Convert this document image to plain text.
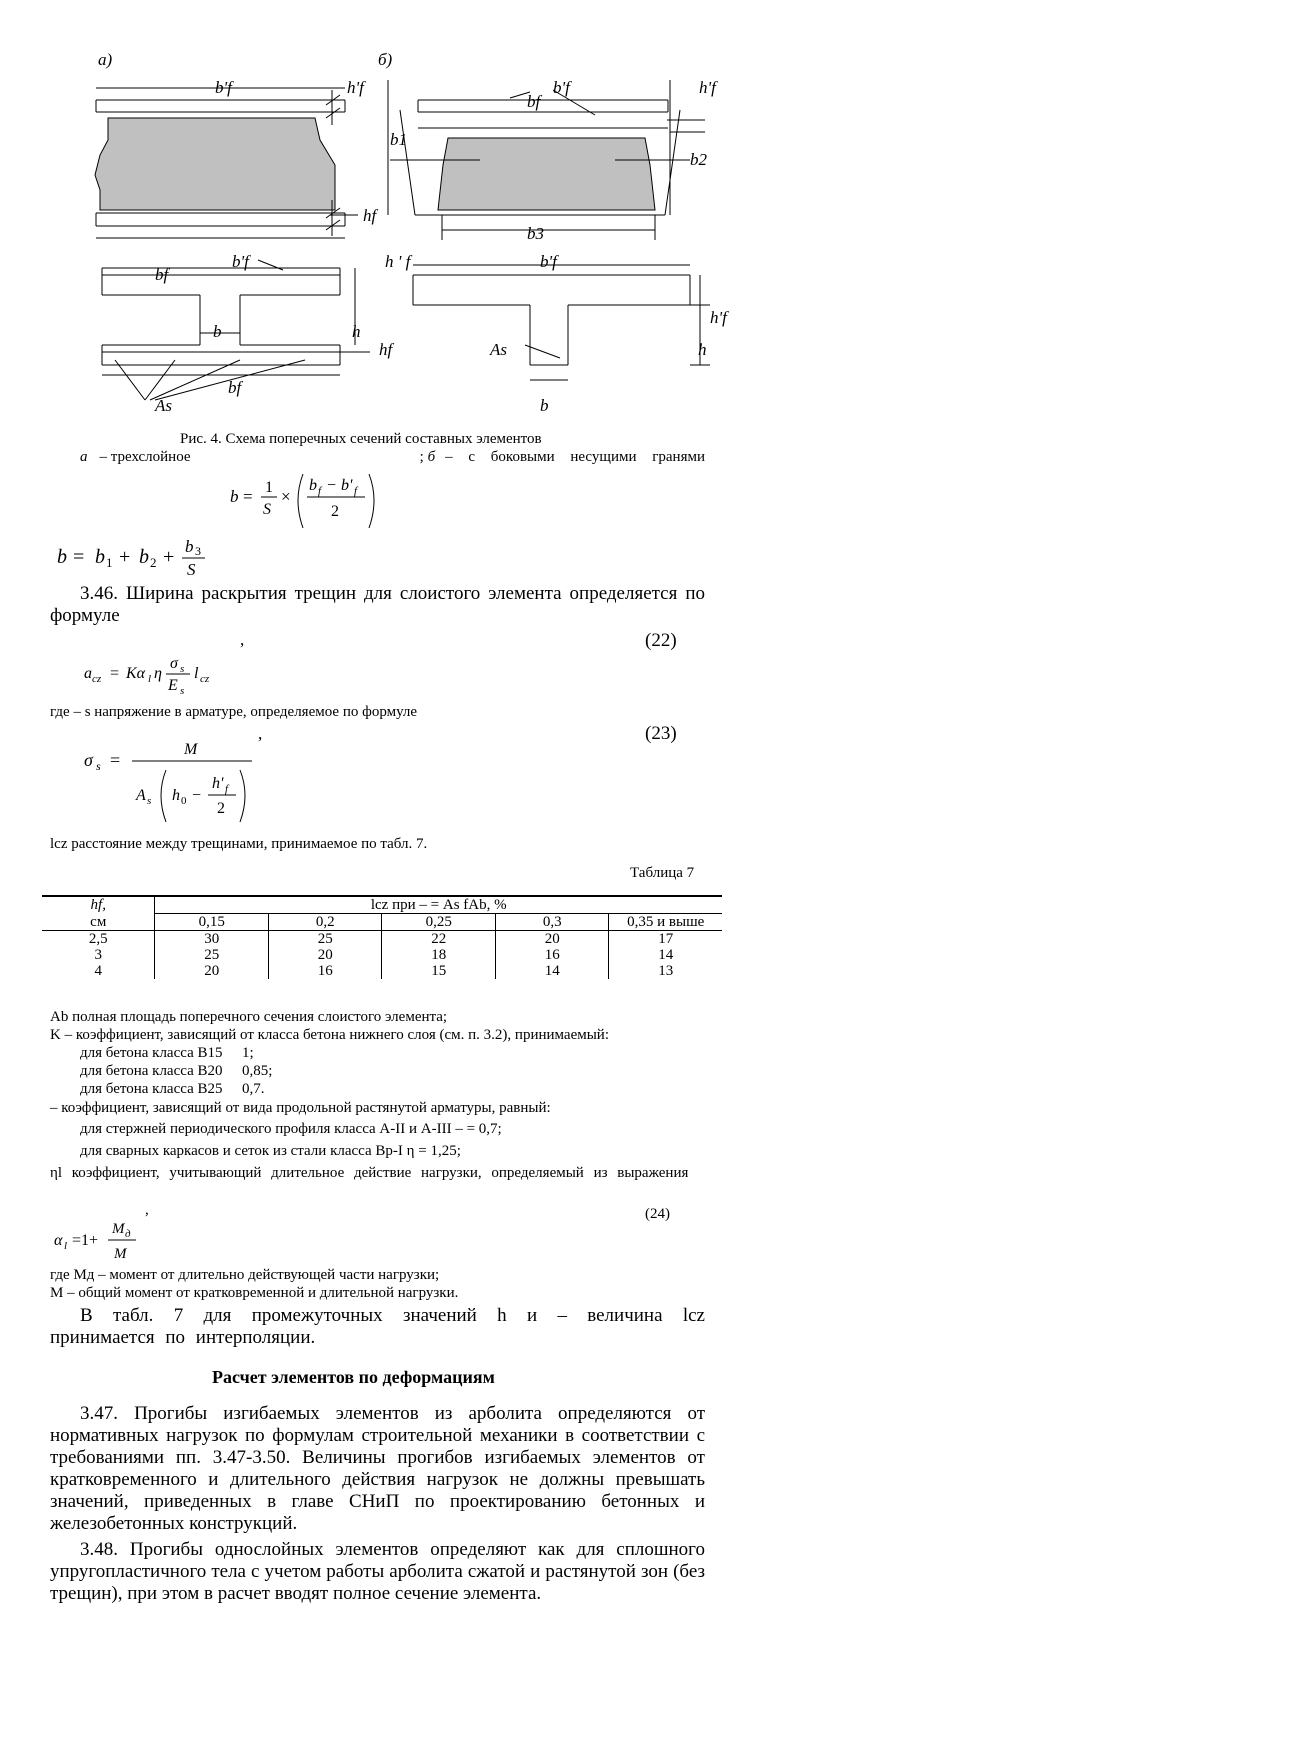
а)	б)
b'f	h'f
hf
b'f	h'f
bf
b1
b2
b3
b'f
bf
h ' f
b	h
hf
bf
As
b'f
h'f
As	h
b
Рис. 4. Схема поперечных сечений составных элементов
а – трехслойное	; б – с боковыми несущими гранями
b = 1
S
×
b f − b' f
2
b = b 1 + b 2 + b 3
S
3.46. Ширина раскрытия трещин для слоистого элемента определяется по формуле
,	(22)
a cz = Kα l η
σ s
E s
l cz
где – s напряжение в арматуре, определяемое по формуле
,	(23)
σ s =
M
A s h 0 −
h' f
2
lcz расстояние между трещинами, принимаемое по табл. 7.
Таблица 7
hf,	lcz при – = As fAb, %				
см	0,15	0,2	0,25	0,3	0,35 и выше
2,5	30	25	22	20	17
3	25	20	18	16	14
4	20	16	15	14	13
Ab полная площадь поперечного сечения слоистого элемента;
K – коэффициент, зависящий от класса бетона нижнего слоя (см. п. 3.2), принимаемый:
для бетона класса В15 1;
для бетона класса В20 0,85;
для бетона класса В25 0,7.
– коэффициент, зависящий от вида продольной растянутой арматуры, равный:
для стержней периодического профиля класса А-II и А-III – = 0,7;
для сварных каркасов и сеток из стали класса Вр-I η = 1,25;
ηl коэффициент, учитывающий длительное действие нагрузки, определяемый из выражения
,	(24)
α l =1+
M д
M
где Mд – момент от длительно действующей части нагрузки;
M – общий момент от кратковременной и длительной нагрузки.
В табл. 7 для промежуточных значений h и – величина lcz принимается по интерполяции.
Расчет элементов по деформациям
3.47. Прогибы изгибаемых элементов из арболита определяются от нормативных нагрузок по формулам строительной механики в соответствии с требованиями пп. 3.47-3.50. Величины прогибов изгибаемых элементов от кратковременного и длительного действия нагрузок не должны превышать значений, приведенных в главе СНиП по проектированию бетонных и железобетонных конструкций.
3.48. Прогибы однослойных элементов определяют как для сплошного упругопластичного тела с учетом работы арболита сжатой и растянутой зон (без трещин), при этом в расчет вводят полное сечение элемента.
